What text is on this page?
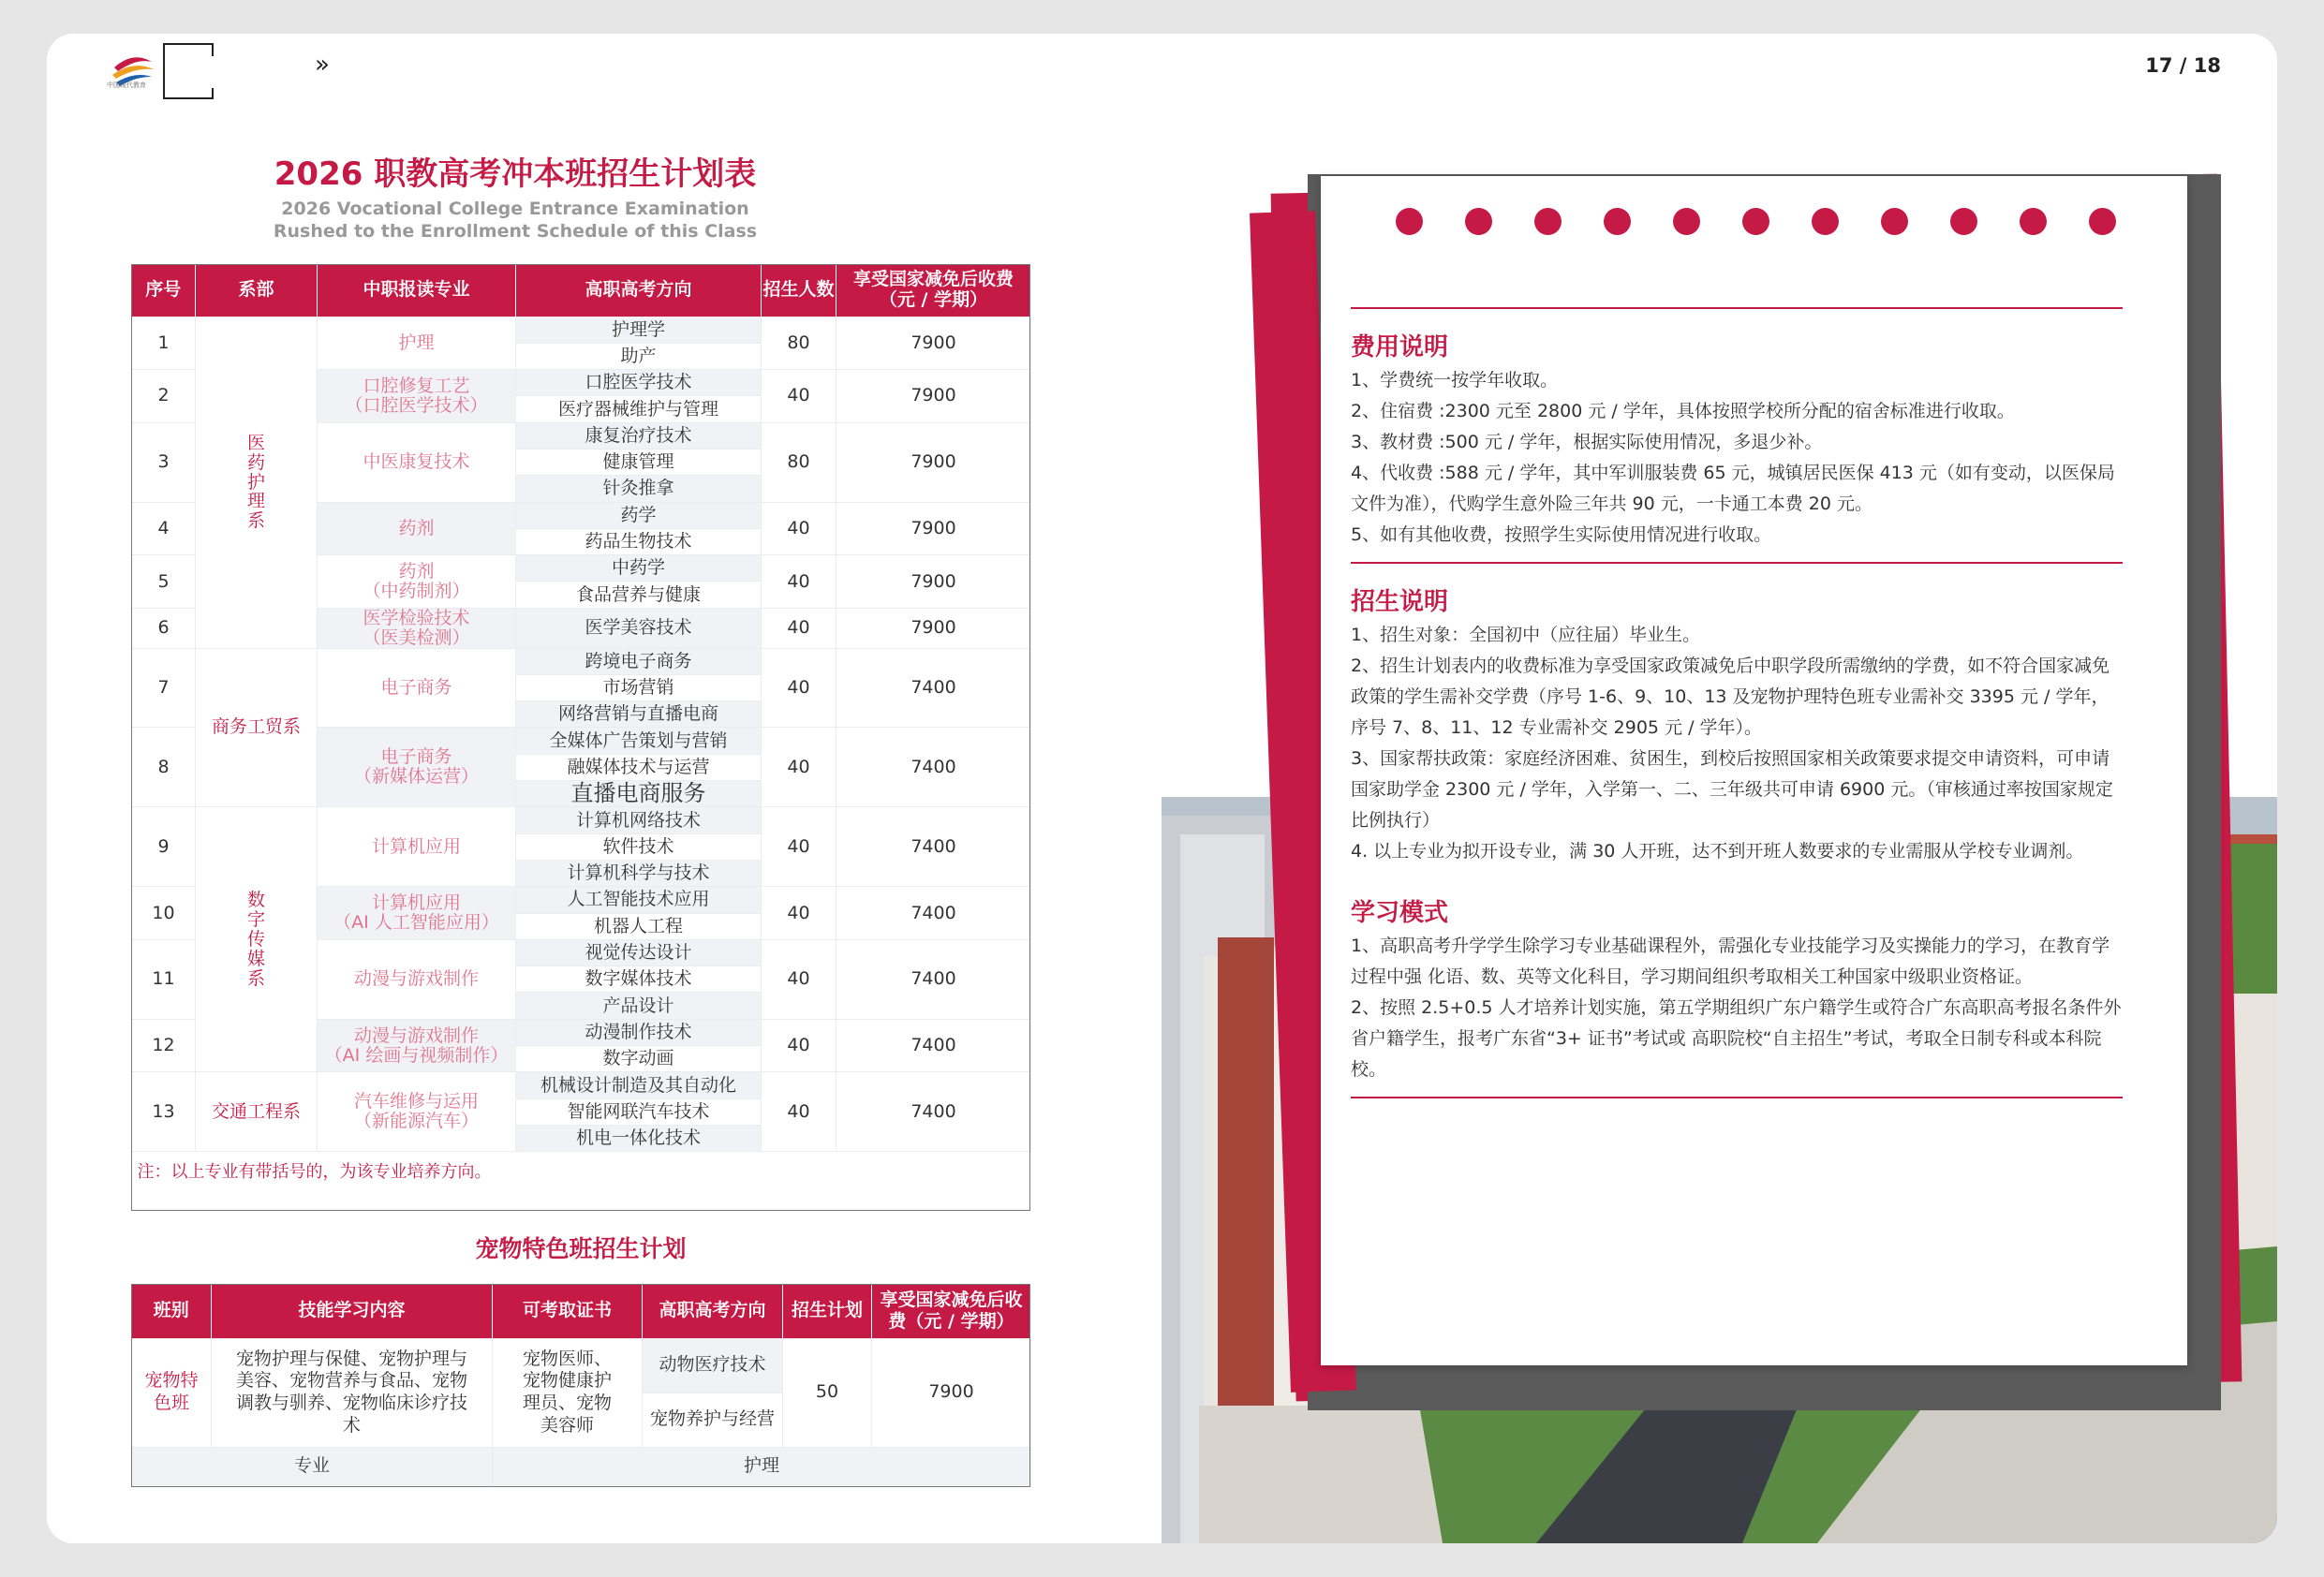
中国现代教育
»	17 / 18
2026 职教高考冲本班招生计划表
2026 Vocational College Entrance Examination
Rushed to the Enrollment Schedule of this Class
序号	系部	中职报读专业	高职高考方向	招生人数	享受国家减免后收费（元 / 学期）
1	医药护理系	护理	护理学	80	7900
			助产		
2		口腔修复工艺
（口腔医学技术）	口腔医学技术	40	7900
			医疗器械维护与管理		
3		中医康复技术	康复治疗技术	80	7900
			健康管理		
			针灸推拿		
4		药剂	药学	40	7900
			药品生物技术		
5		药剂
（中药制剂）	中药学	40	7900
			食品营养与健康		
6		医学检验技术
（医美检测）	医学美容技术	40	7900
7	商务工贸系	电子商务	跨境电子商务	40	7400
			市场营销		
			网络营销与直播电商		
8		电子商务
（新媒体运营）	全媒体广告策划与营销	40	7400
			融媒体技术与运营		
			直播电商服务		
9	数字传媒系	计算机应用	计算机网络技术	40	7400
			软件技术		
			计算机科学与技术		
10		计算机应用
（AI 人工智能应用）	人工智能技术应用	40	7400
			机器人工程		
11		动漫与游戏制作	视觉传达设计	40	7400
			数字媒体技术		
			产品设计		
12		动漫与游戏制作
（AI 绘画与视频制作）	动漫制作技术	40	7400
			数字动画		
13	交通工程系	汽车维修与运用
（新能源汽车）	机械设计制造及其自动化	40	7400
			智能网联汽车技术		
			机电一体化技术		
注：以上专业有带括号的，为该专业培养方向。					
宠物特色班招生计划
班别	技能学习内容	可考取证书	高职高考方向	招生计划	享受国家减免后收费（元 / 学期）
宠物特色班	宠物护理与保健、宠物护理与美容、宠物营养与食品、宠物调教与驯养、宠物临床诊疗技术	宠物医师、宠物健康护理员、宠物美容师	动物医疗技术	50	7900
			宠物养护与经营		
专业		护理			
费用说明

1、学费统一按学年收取。

2、住宿费 :2300 元至 2800 元 / 学年，具体按照学校所分配的宿舍标准进行收取。

3、教材费 :500 元 / 学年，根据实际使用情况，多退少补。

4、代收费 :588 元 / 学年，其中军训服装费 65 元，城镇居民医保 413 元（如有变动，以医保局文件为准），代购学生意外险三年共 90 元，一卡通工本费 20 元。

5、如有其他收费，按照学生实际使用情况进行收取。

招生说明

1、招生对象：全国初中（应往届）毕业生。

2、招生计划表内的收费标准为享受国家政策减免后中职学段所需缴纳的学费，如不符合国家减免政策的学生需补交学费（序号 1-6、9、10、13 及宠物护理特色班专业需补交 3395 元 / 学年，序号 7、8、11、12 专业需补交 2905 元 / 学年）。

3、国家帮扶政策：家庭经济困难、贫困生，到校后按照国家相关政策要求提交申请资料，可申请国家助学金 2300 元 / 学年，入学第一、二、三年级共可申请 6900 元。（审核通过率按国家规定比例执行）

4. 以上专业为拟开设专业，满 30 人开班，达不到开班人数要求的专业需服从学校专业调剂。

学习模式

1、高职高考升学学生除学习专业基础课程外，需强化专业技能学习及实操能力的学习，在教育学过程中强 化语、数、英等文化科目，学习期间组织考取相关工种国家中级职业资格证。

2、按照 2.5+0.5 人才培养计划实施，第五学期组织广东户籍学生或符合广东高职高考报名条件外省户籍学生，报考广东省“3+ 证书”考试或 高职院校“自主招生”考试，考取全日制专科或本科院校。
